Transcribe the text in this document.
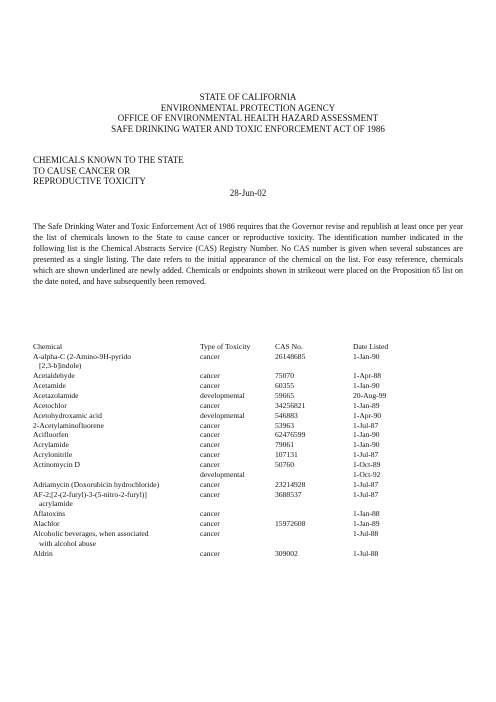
STATE OF CALIFORNIA
ENVIRONMENTAL PROTECTION AGENCY
OFFICE OF ENVIRONMENTAL HEALTH HAZARD ASSESSMENT
SAFE DRINKING WATER AND TOXIC ENFORCEMENT ACT OF 1986
CHEMICALS KNOWN TO THE STATE
TO CAUSE CANCER OR
REPRODUCTIVE TOXICITY
28-Jun-02
The Safe Drinking Water and Toxic Enforcement Act of 1986 requires that the Governor revise and republish at least once per year the list of chemicals known to the State to cause cancer or reproductive toxicity. The identification number indicated in the following list is the Chemical Abstracts Service (CAS) Registry Number. No CAS number is given when several substances are presented as a single listing. The date refers to the initial appearance of the chemical on the list. For easy reference, chemicals which are shown underlined are newly added. Chemicals or endpoints shown in strikeout were placed on the Proposition 65 list on the date noted, and have subsequently been removed.
Chemical	Type of Toxicity	CAS No.	Date Listed
A-alpha-C (2-Amino-9H-pyrido
[2,3-b]indole)	cancer	26148685	1-Jan-90
Acetaldehyde	cancer	75070	1-Apr-88
Acetamide	cancer	60355	1-Jan-90
Acetazolamide	developmental	59665	20-Aug-99
Acetochlor	cancer	34256821	1-Jan-89
Acetohydroxamic acid	developmental	546883	1-Apr-90
2-Acetylaminofluorene	cancer	53963	1-Jul-87
Acifluorfen	cancer	62476599	1-Jan-90
Acrylamide	cancer	79061	1-Jan-90
Acrylonitrile	cancer	107131	1-Jul-87
Actinomycin D	cancer	50760	1-Oct-89
	developmental		1-Oct-92
Adriamycin (Doxorubicin hydrochloride)	cancer	23214928	1-Jul-87
AF-2;[2-(2-furyl)-3-(5-nitro-2-furyl)]
acrylamide	cancer	3688537	1-Jul-87
Aflatoxins	cancer		1-Jan-88
Alachlor	cancer	15972608	1-Jan-89
Alcoholic beverages, when associated
with alcohol abuse	cancer		1-Jul-88
Aldrin	cancer	309002	1-Jul-88
